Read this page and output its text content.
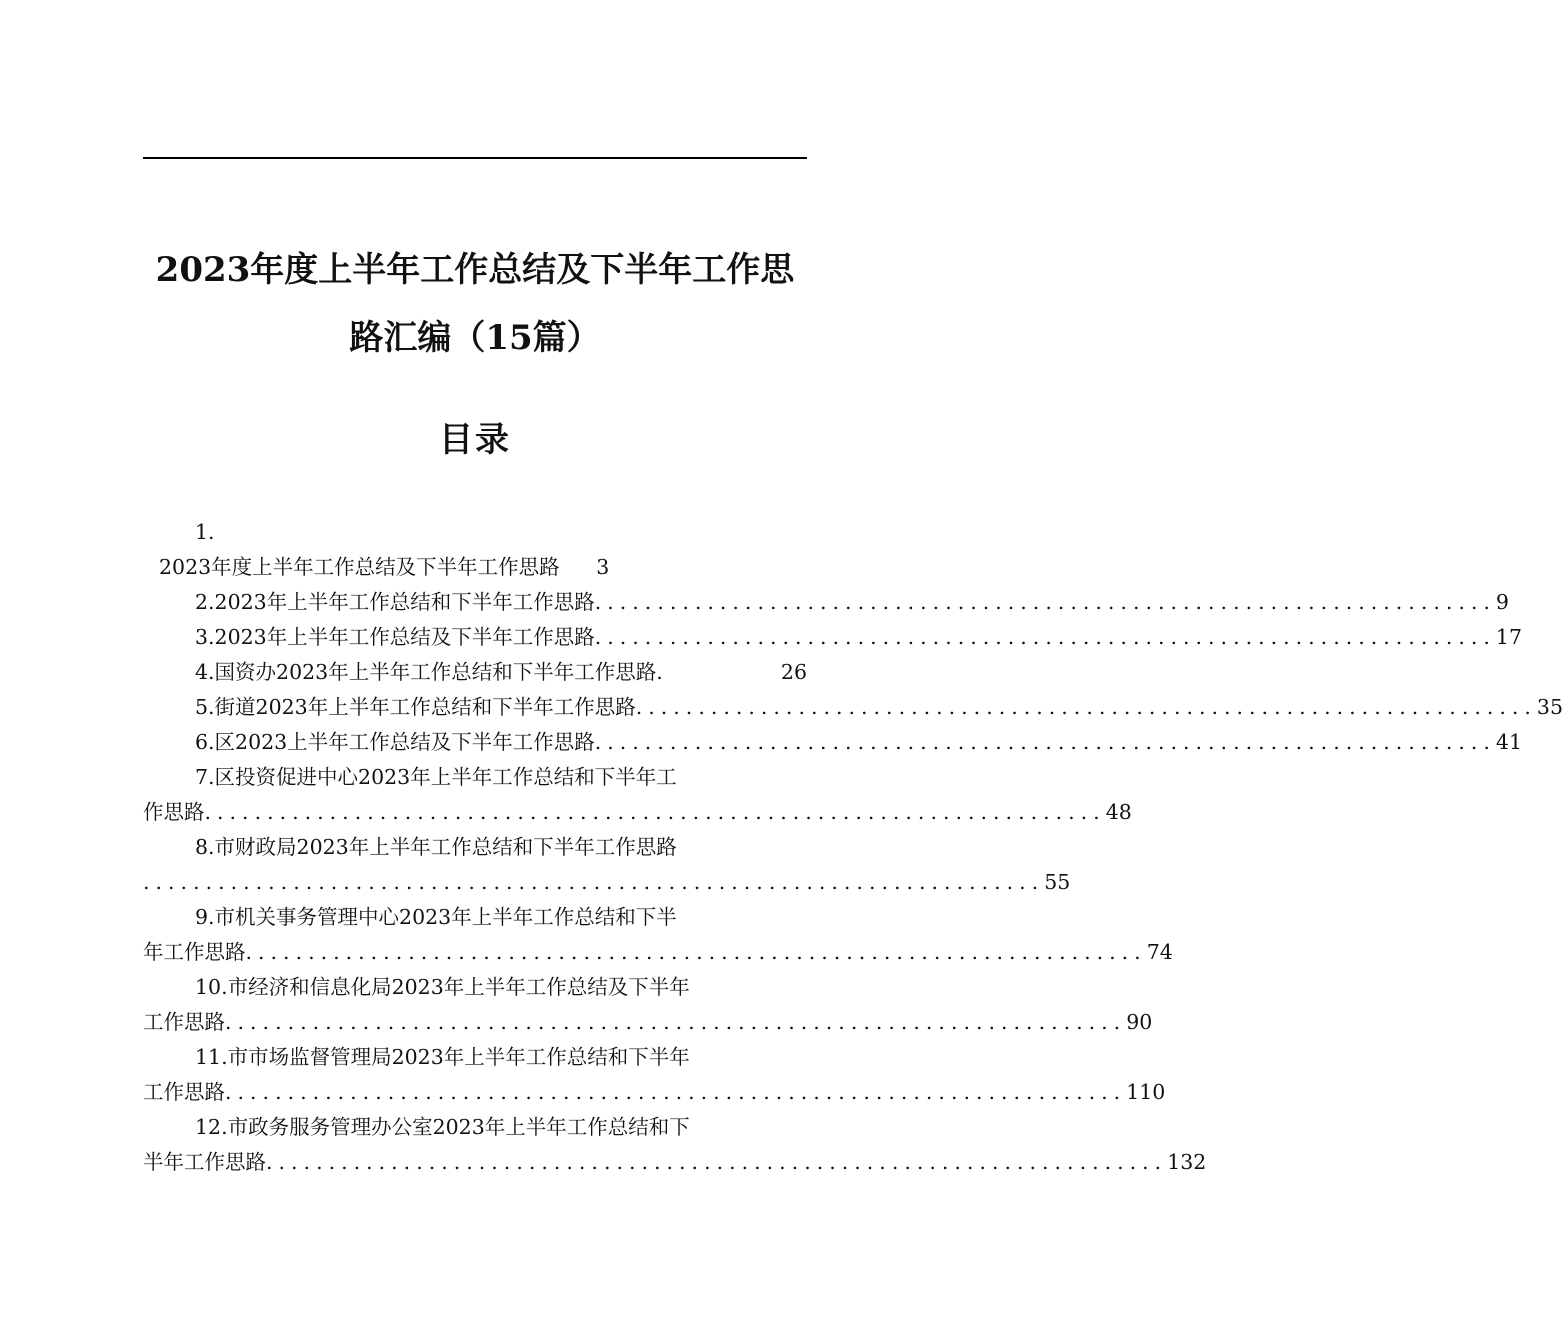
2023年度上半年工作总结及下半年工作思
路汇编（15篇）
目录
1.
2023年度上半年工作总结及下半年工作思路 3
2.2023年上半年工作总结和下半年工作思路 ........................................................................ 9
3.2023年上半年工作总结及下半年工作思路 ........................................................................ 17
4.国资办2023年上半年工作总结和下半年工作思路.	26
5.街道2023年上半年工作总结和下半年工作思路 ........................................................................ 35
6.区2023上半年工作总结及下半年工作思路 ........................................................................ 41
7.区投资促进中心2023年上半年工作总结和下半年工
作思路 ........................................................................ 48
8.市财政局2023年上半年工作总结和下半年工作思路
........................................................................ 55
9.市机关事务管理中心2023年上半年工作总结和下半
年工作思路 ........................................................................ 74
10.市经济和信息化局2023年上半年工作总结及下半年
工作思路 ........................................................................ 90
11.市市场监督管理局2023年上半年工作总结和下半年
工作思路 ........................................................................ 110
12.市政务服务管理办公室2023年上半年工作总结和下
半年工作思路 ........................................................................ 132
